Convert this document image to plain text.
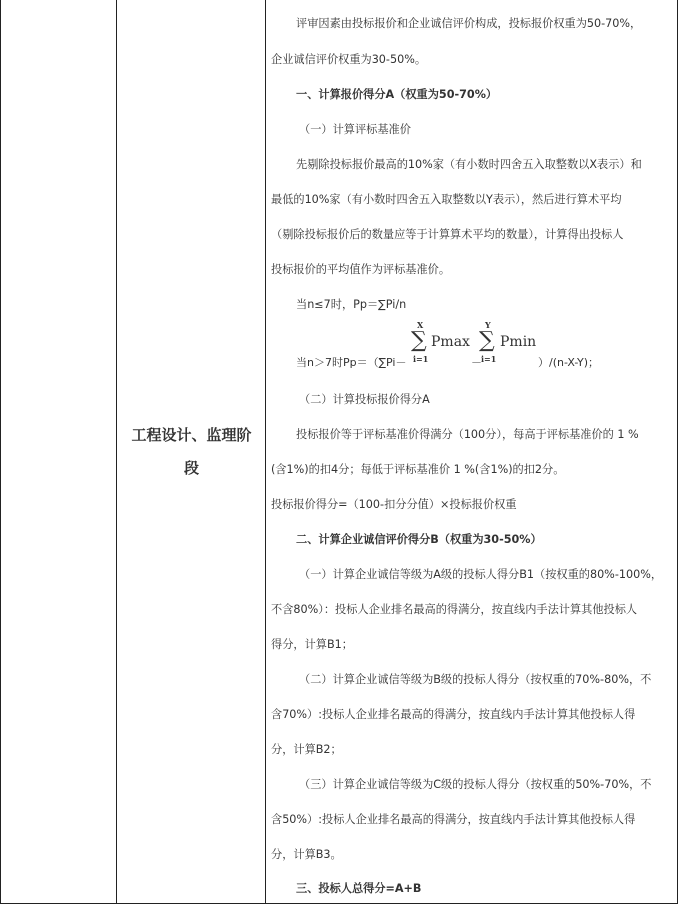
工程设计、监理阶段
评审因素由投标报价和企业诚信评价构成，投标报价权重为50-70%，
企业诚信评价权重为30-50%。
一、计算报价得分A（权重为50-70%）
（一）计算评标基准价
先剔除投标报价最高的10%家（有小数时四舍五入取整数以X表示）和
最低的10%家（有小数时四舍五入取整数以Y表示），然后进行算术平均
（剔除投标报价后的数量应等于计算算术平均的数量），计算得出投标人
投标报价的平均值作为评标基准价。
当n≤7时，Pp＝∑Pi/n
当n＞7时Pp＝（∑Pi－
X
∑
i=1
Pmax
－
Y
∑
i=1
Pmin
）/(n-X-Y)；
（二）计算投标报价得分A
投标报价等于评标基准价得满分（100分），每高于评标基准价的 1 %
(含1%)的扣4分；每低于评标基准价 1 %(含1%)的扣2分。
投标报价得分=（100-扣分分值）×投标报价权重
二、计算企业诚信评价得分B（权重为30-50%）
（一）计算企业诚信等级为A级的投标人得分B1（按权重的80%-100%，
不含80%）：投标人企业排名最高的得满分，按直线内手法计算其他投标人
得分，计算B1；
（二）计算企业诚信等级为B级的投标人得分（按权重的70%-80%，不
含70%）:投标人企业排名最高的得满分，按直线内手法计算其他投标人得
分，计算B2；
（三）计算企业诚信等级为C级的投标人得分（按权重的50%-70%，不
含50%）:投标人企业排名最高的得满分，按直线内手法计算其他投标人得
分，计算B3。
三、投标人总得分=A+B
